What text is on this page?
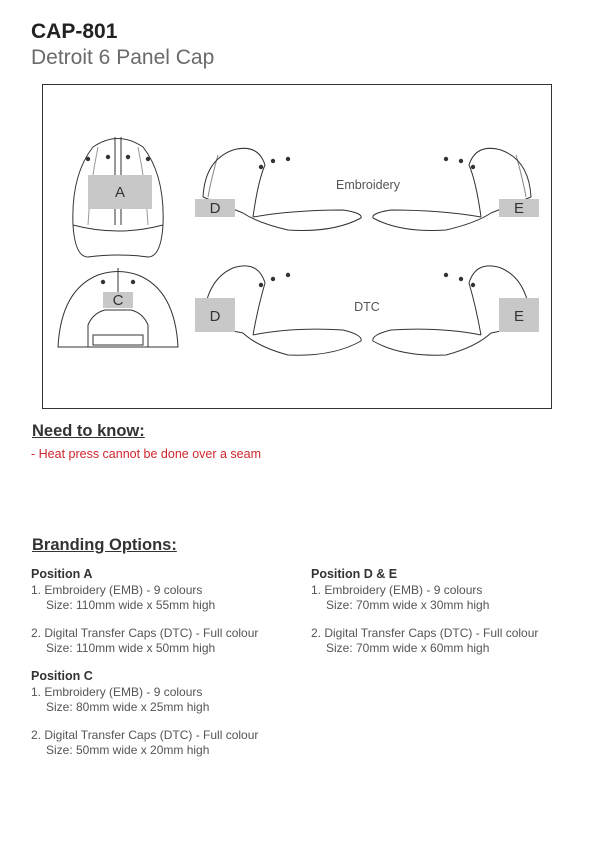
CAP-801
Detroit 6 Panel Cap
A
C
D	E
D	E
Embroidery
DTC
Need to know:
- Heat press cannot be done over a seam
Branding Options:
Position A
1. Embroidery (EMB) - 9 colours
Size: 110mm wide x 55mm high
2. Digital Transfer Caps (DTC) - Full colour
Size: 110mm wide x 50mm high
Position C
1. Embroidery (EMB) - 9 colours
Size: 80mm wide x 25mm high
2. Digital Transfer Caps (DTC) - Full colour
Size: 50mm wide x 20mm high
Position D & E
1. Embroidery (EMB) - 9 colours
Size: 70mm wide x 30mm high
2. Digital Transfer Caps (DTC) - Full colour
Size: 70mm wide x 60mm high
